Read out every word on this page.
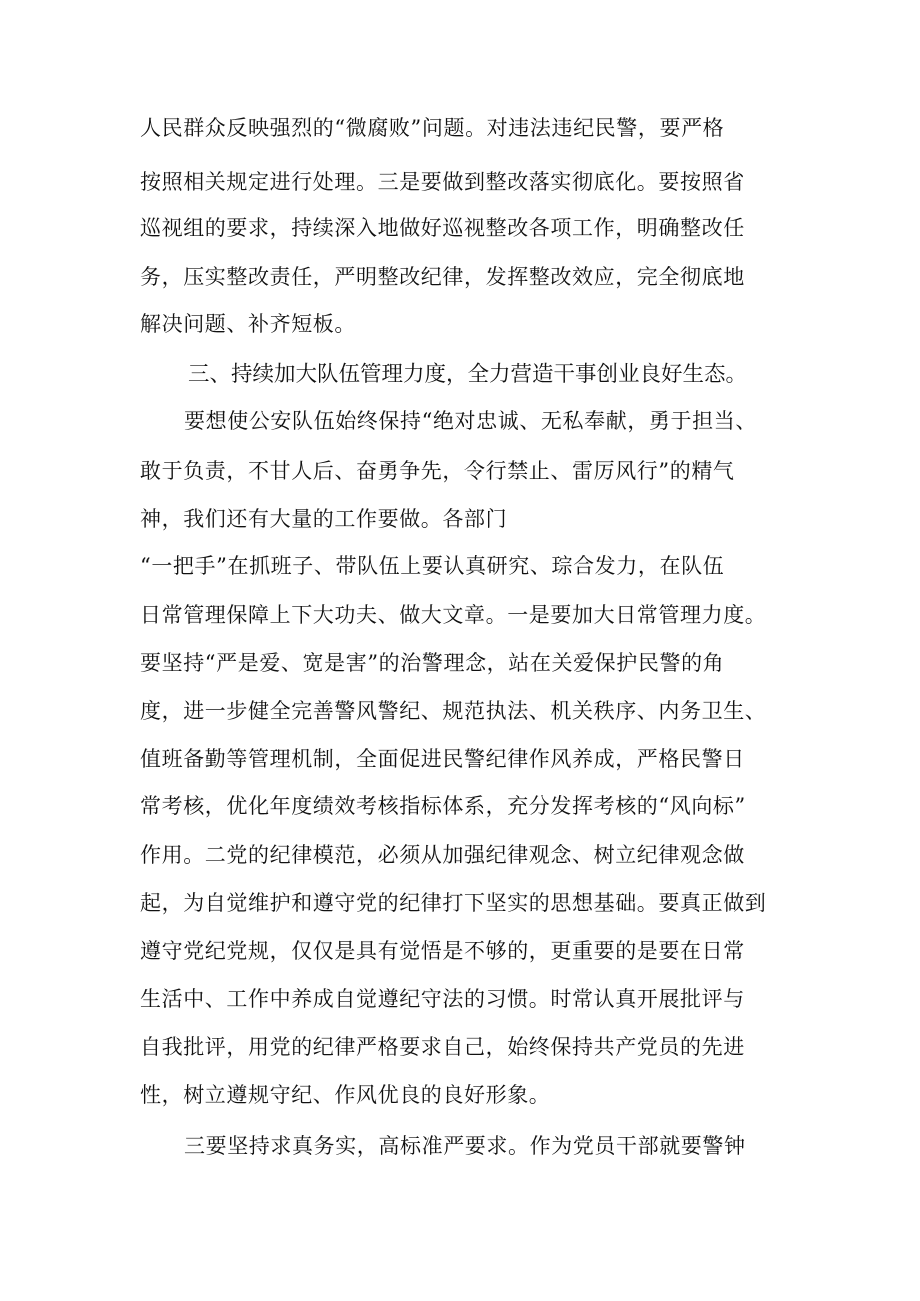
人民群众反映强烈的“微腐败”问题。对违法违纪民警，要严格
按照相关规定进行处理。三是要做到整改落实彻底化。要按照省
巡视组的要求，持续深入地做好巡视整改各项工作，明确整改任
务，压实整改责任，严明整改纪律，发挥整改效应，完全彻底地
解决问题、补齐短板。
三、持续加大队伍管理力度，全力营造干事创业良好生态。
要想使公安队伍始终保持“绝对忠诚、无私奉献，勇于担当、
敢于负责，不甘人后、奋勇争先，令行禁止、雷厉风行”的精气
神，我们还有大量的工作要做。各部门
“一把手”在抓班子、带队伍上要认真研究、琮合发力，在队伍
日常管理保障上下大功夫、做大文章。一是要加大日常管理力度。
要坚持“严是爱、宽是害”的治警理念，站在关爱保护民警的角
度，进一步健全完善警风警纪、规范执法、机关秩序、内务卫生、
值班备勤等管理机制，全面促进民警纪律作风养成，严格民警日
常考核，优化年度绩效考核指标体系，充分发挥考核的“风向标”
作用。二党的纪律模范，必须从加强纪律观念、树立纪律观念做
起，为自觉维护和遵守党的纪律打下坚实的思想基础。要真正做到
遵守党纪党规，仅仅是具有觉悟是不够的，更重要的是要在日常
生活中、工作中养成自觉遵纪守法的习惯。时常认真开展批评与
自我批评，用党的纪律严格要求自己，始终保持共产党员的先进
性，树立遵规守纪、作风优良的良好形象。
三要坚持求真务实，高标准严要求。作为党员干部就要警钟
